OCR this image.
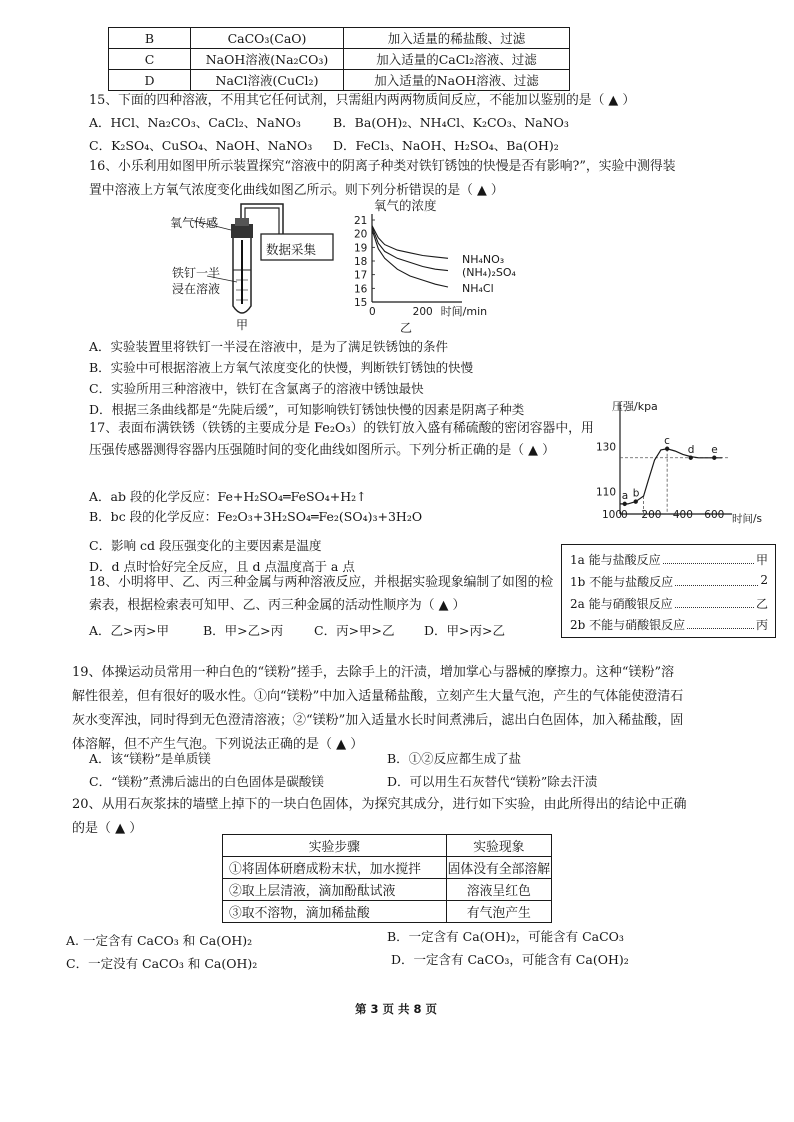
B	CaCO₃(CaO)	加入适量的稀盐酸、过滤
C	NaOH溶液(Na₂CO₃)	加入适量的CaCl₂溶液、过滤
D	NaCl溶液(CuCl₂)	加入适量的NaOH溶液、过滤
15、下面的四种溶液，不用其它任何试剂，只需組内两两物质间反应，不能加以鉴别的是（ ▲ ）
A．HCl、Na₂CO₃、CaCl₂、NaNO₃	B．Ba(OH)₂、NH₄Cl、K₂CO₃、NaNO₃
C．K₂SO₄、CuSO₄、NaOH、NaNO₃ D．FeCl₃、NaOH、H₂SO₄、Ba(OH)₂
16、小乐利用如图甲所示装置探究“溶液中的阴离子种类对铁钉锈蚀的快慢是否有影响?”，实验中测得装置中溶液上方氧气浓度变化曲线如图乙所示。则下列分析错误的是（ ▲ ）
氧气传感
数据采集
铁钉一半
浸在溶液
甲
氧气的浓度
15
16
17
18
19
20
21
0	200 时间/min
乙
NH₄NO₃
(NH₄)₂SO₄
NH₄Cl
A．实验装置里将铁钉一半浸在溶液中，是为了满足铁锈蚀的条件
B．实验中可根据溶液上方氧气浓度变化的快慢，判断铁钉锈蚀的快慢
C．实验所用三种溶液中，铁钉在含氯离子的溶液中锈蚀最快
D．根据三条曲线都是“先陡后缓”，可知影响铁钉锈蚀快慢的因素是阴离子种类
17、表面布满铁锈（铁锈的主要成分是 Fe₂O₃）的铁钉放入盛有稀硫酸的密闭容器中，用压强传感器测得容器内压强随时间的变化曲线如图所示。下列分析正确的是（ ▲ ）
压强/kpa
110
130
100
0 200 400 600 时间/s
a b
c
d e
A．ab 段的化学反应：Fe+H₂SO₄═FeSO₄+H₂↑
B．bc 段的化学反应：Fe₂O₃+3H₂SO₄═Fe₂(SO₄)₃+3H₂O
C．影响 cd 段压强变化的主要因素是温度
D．d 点时恰好完全反应，且 d 点温度高于 a 点
18、小明将甲、乙、丙三种金属与两种溶液反应，并根据实验现象编制了如图的检索表，根据检索表可知甲、乙、丙三种金属的活动性顺序为（ ▲ ）
A．乙>丙>甲	B．甲>乙>丙 C．丙>甲>乙 D．甲>丙>乙
1a 能与盐酸反应	甲
1b 不能与盐酸反应	2
2a 能与硝酸银反应	乙
2b 不能与硝酸银反应	丙
19、体操运动员常用一种白色的“镁粉”搓手，去除手上的汗渍，增加掌心与器械的摩擦力。这种“镁粉”溶解性很差，但有很好的吸水性。①向“镁粉”中加入适量稀盐酸，立刻产生大量气泡，产生的气体能使澄清石灰水变浑浊，同时得到无色澄清溶液；②“镁粉”加入适量水长时间煮沸后，滤出白色固体，加入稀盐酸，固体溶解，但不产生气泡。下列说法正确的是（ ▲ ）
A．该“镁粉”是单质镁	B．①②反应都生成了盐
C．“镁粉”煮沸后滤出的白色固体是碳酸镁	D．可以用生石灰替代“镁粉”除去汗渍
20、从用石灰浆抹的墙壁上掉下的一块白色固体，为探究其成分，进行如下实验，由此所得出的结论中正确的是（ ▲ ）
实验步骤	实验现象
①将固体研磨成粉末状，加水搅拌	固体没有全部溶解
②取上层清液，滴加酚酞试液	溶液呈红色
③取不溶物，滴加稀盐酸	有气泡产生
A. 一定含有 CaCO₃ 和 Ca(OH)₂	B．一定含有 Ca(OH)₂，可能含有 CaCO₃
C．一定没有 CaCO₃ 和 Ca(OH)₂	D．一定含有 CaCO₃，可能含有 Ca(OH)₂
第 3 页 共 8 页
